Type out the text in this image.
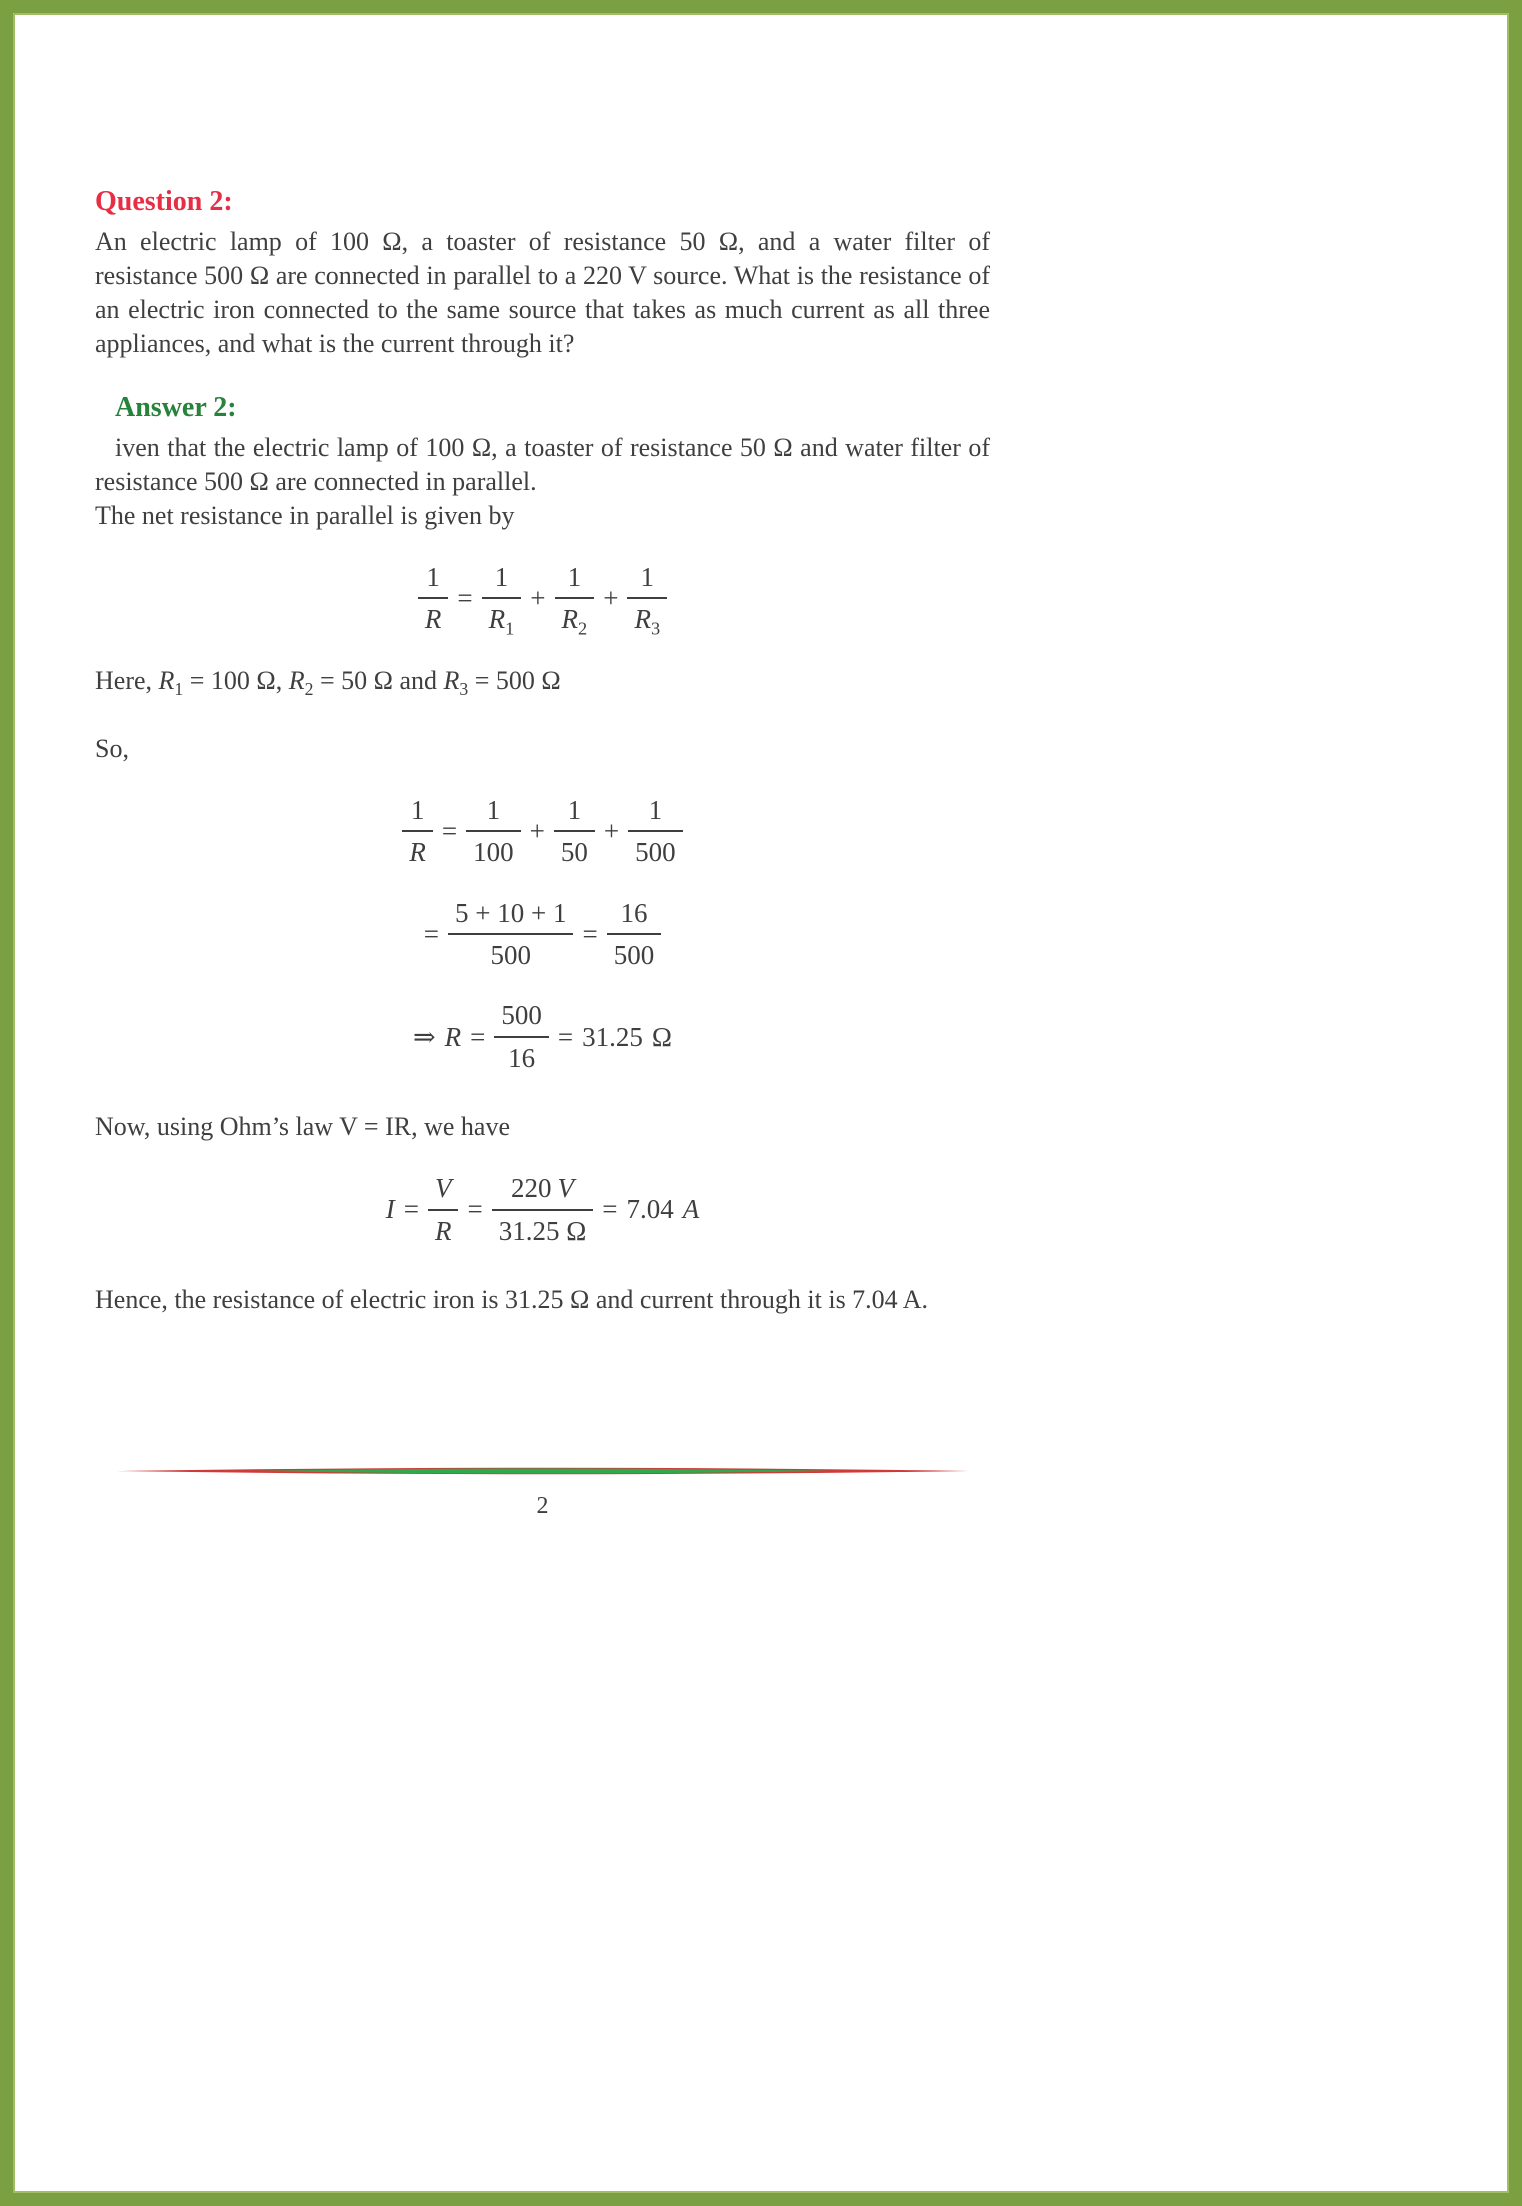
Question 2:

An electric lamp of 100 Ω, a toaster of resistance 50 Ω, and a water filter of resistance 500 Ω are connected in parallel to a 220 V source. What is the resistance of an electric iron connected to the same source that takes as much current as all three appliances, and what is the current through it?

Answer 2:

iven that the electric lamp of 100 Ω, a toaster of resistance 50 Ω and water filter of resistance 500 Ω are connected in parallel.

The net resistance in parallel is given by

$\frac{1}{R} = \frac{1}{R_1} + \frac{1}{R_2} + \frac{1}{R_3}$

Here, $R_1 = 100$ Ω, $R_2 = 50$ Ω and $R_3 = 500$ Ω

So,

$\frac{1}{R} = \frac{1}{100} + \frac{1}{50} + \frac{1}{500}$
= $\frac{5 + 10 + 1}{500} = \frac{16}{500}$
⇒ $R = \frac{500}{16} = 31.25$ Ω

Now, using Ohm’s law V = IR, we have

$I = \frac{V}{R} = \frac{220 V}{31.25 \Omega} = 7.04$ A

Hence, the resistance of electric iron is 31.25 Ω and current through it is 7.04 A.

2
